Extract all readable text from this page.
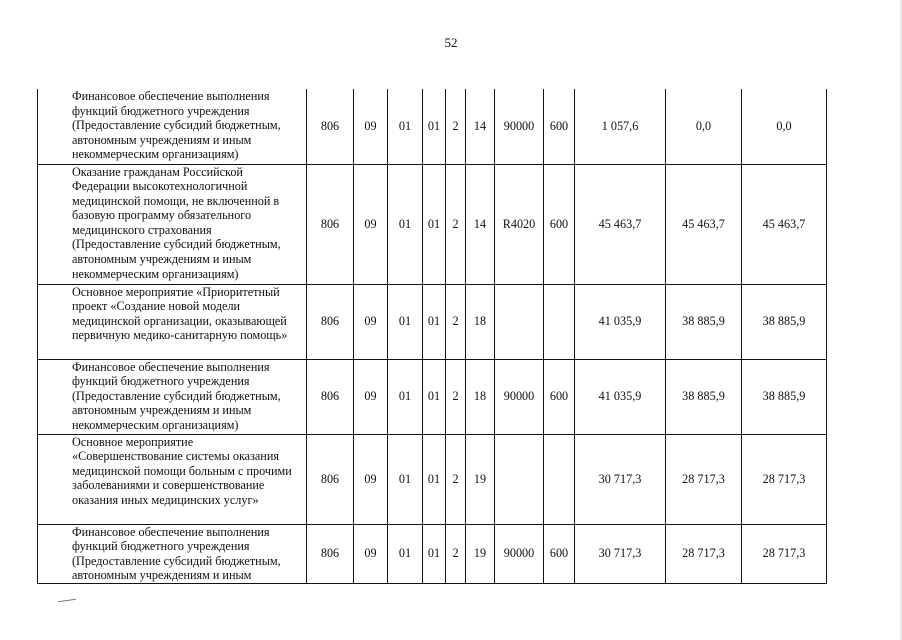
52
Финансовое обеспечение выполнения функций бюджетного учреждения (Предоставление субсидий бюджетным, автономным учреждениям и иным некоммерческим организациям)	806	09	01	01	2	14	90000	600	1 057,6	0,0	0,0
Оказание гражданам Российской Федерации высокотехнологичной медицинской помощи, не включенной в базовую программу обязательного медицинского страхования (Предоставление субсидий бюджетным, автономным учреждениям и иным некоммерческим организациям)	806	09	01	01	2	14	R4020	600	45 463,7	45 463,7	45 463,7
Основное мероприятие «Приоритетный проект «Создание новой модели медицинской организации, оказывающей первичную медико-санитарную помощь»	806	09	01	01	2	18			41 035,9	38 885,9	38 885,9
Финансовое обеспечение выполнения функций бюджетного учреждения (Предоставление субсидий бюджетным, автономным учреждениям и иным некоммерческим организациям)	806	09	01	01	2	18	90000	600	41 035,9	38 885,9	38 885,9
Основное мероприятие «Совершенствование системы оказания медицинской помощи больным с прочими заболеваниями и совершенствование оказания иных медицинских услуг»	806	09	01	01	2	19			30 717,3	28 717,3	28 717,3
Финансовое обеспечение выполнения функций бюджетного учреждения (Предоставление субсидий бюджетным, автономным учреждениям и иным	806	09	01	01	2	19	90000	600	30 717,3	28 717,3	28 717,3
